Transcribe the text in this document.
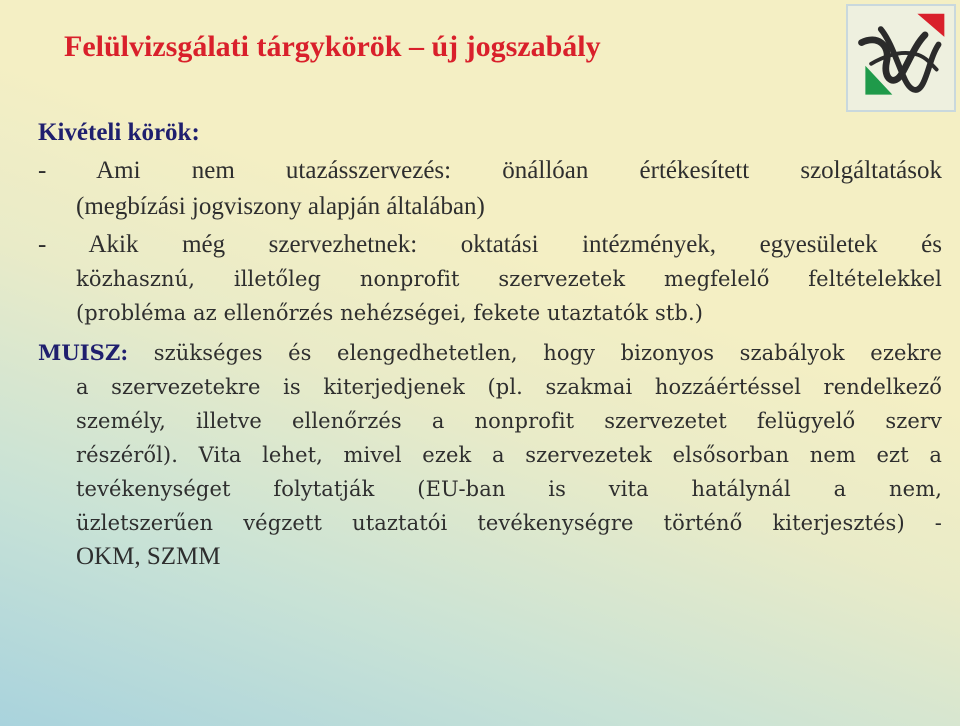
Felülvizsgálati tárgykörök – új jogszabály
Kivételi körök:
- Ami nem utazásszervezés: önállóan értékesített szolgáltatások
(megbízási jogviszony alapján általában)
- Akik még szervezhetnek: oktatási intézmények, egyesületek és
közhasznú, illetőleg nonprofit szervezetek megfelelő feltételekkel
(probléma az ellenőrzés nehézségei, fekete utaztatók stb.)
MUISZ: szükséges és elengedhetetlen, hogy bizonyos szabályok ezekre
a szervezetekre is kiterjedjenek (pl. szakmai hozzáértéssel rendelkező
személy, illetve ellenőrzés a nonprofit szervezetet felügyelő szerv
részéről). Vita lehet, mivel ezek a szervezetek elsősorban nem ezt a
tevékenységet folytatják (EU-ban is vita hatálynál a nem,
üzletszerűen végzett utaztatói tevékenységre történő kiterjesztés) -
OKM, SZMM
